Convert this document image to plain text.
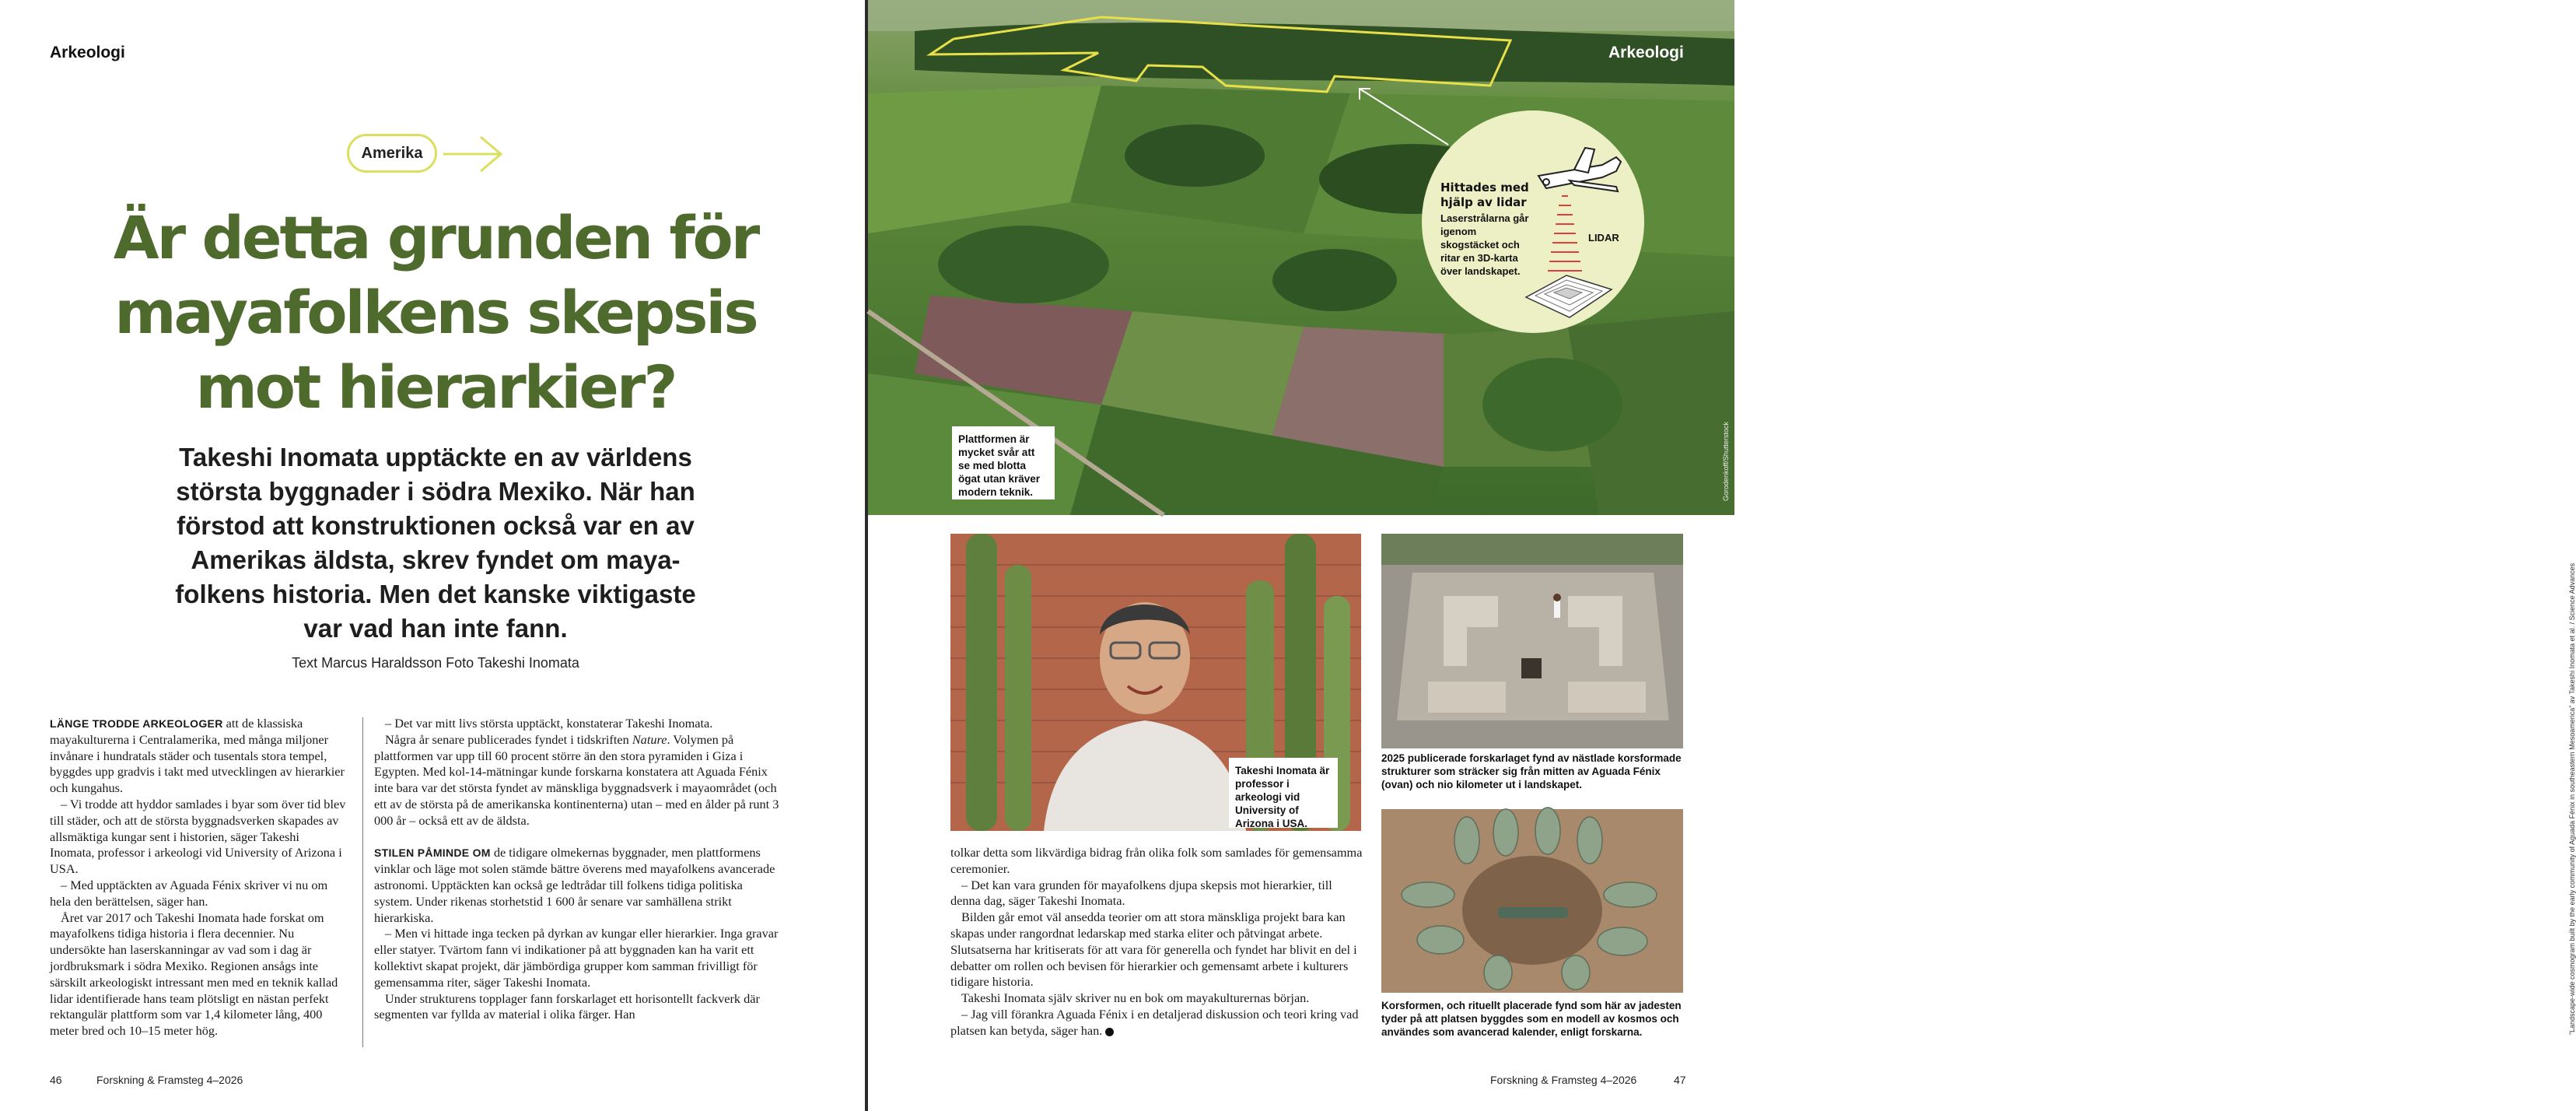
Arkeologi
Amerika
Är detta grunden för
mayafolkens skepsis
mot hierarkier?

Takeshi Inomata upptäckte en av världens
största byggnader i södra Mexiko. När han
förstod att konstruktionen också var en av
Amerikas äldsta, skrev fyndet om maya-
folkens historia. Men det kanske viktigaste
var vad han inte fann.

Text Marcus Haraldsson Foto Takeshi Inomata

LÄNGE TRODDE ARKEOLOGER att de klassiska mayakulturerna i Centralamerika, med många miljoner invånare i hundratals städer och tusentals stora tempel, byggdes upp gradvis i takt med utvecklingen av hierarkier och kungahus.

– Vi trodde att hyddor samlades i byar som över tid blev till städer, och att de största byggnadsverken skapades av allsmäktiga kungar sent i historien, säger Takeshi Inomata, professor i arkeologi vid University of Arizona i USA.

– Med upptäckten av Aguada Fénix skriver vi nu om hela den berättelsen, säger han.

Året var 2017 och Takeshi Inomata hade forskat om mayafolkens tidiga historia i flera decennier. Nu undersökte han laserskanningar av vad som i dag är jordbruksmark i södra Mexiko. Regionen ansågs inte särskilt arkeologiskt intressant men med en teknik kallad lidar identifierade hans team plötsligt en nästan perfekt rektangulär plattform som var 1,4 kilometer lång, 400 meter bred och 10–15 meter hög.

– Det var mitt livs största upptäckt, konstaterar Takeshi Inomata.

Några år senare publicerades fyndet i tidskriften Nature. Volymen på plattformen var upp till 60 procent större än den stora pyramiden i Giza i Egypten. Med kol-14-mätningar kunde forskarna konstatera att Aguada Fénix inte bara var det största fyndet av mänskliga byggnadsverk i mayaområdet (och ett av de största på de amerikanska kontinenterna) utan – med en ålder på runt 3 000 år – också ett av de äldsta.

STILEN PÅMINDE OM de tidigare olmekernas byggnader, men plattformens vinklar och läge mot solen stämde bättre överens med mayafolkens avancerade astronomi. Upptäckten kan också ge ledtrådar till folkens tidiga politiska system. Under rikenas storhetstid 1 600 år senare var samhällena strikt hierarkiska.

– Men vi hittade inga tecken på dyrkan av kungar eller hierarkier. Inga gravar eller statyer. Tvärtom fann vi indikationer på att byggnaden kan ha varit ett kollektivt skapat projekt, där jämbördiga grupper kom samman frivilligt för gemensamma riter, säger Takeshi Inomata.

Under strukturens topplager fann forskarlaget ett horisontellt fackverk där segmenten var fyllda av material i olika färger. Han

46	Forskning & Framsteg 4–2026
Arkeologi
Hittades med hjälp av lidar
Laserstrålarna går igenom skogstäcket och ritar en 3D-karta över landskapet.
LIDAR
Plattformen är mycket svår att se med blotta ögat utan kräver modern teknik.	Gorodenkoff/Shutterstock
Takeshi Inomata är professor i arkeologi vid University of Arizona i USA.
2025 publicerade forskarlaget fynd av nästlade korsformade strukturer som sträcker sig från mitten av Aguada Fénix (ovan) och nio kilometer ut i landskapet.
Korsformen, och rituellt placerade fynd som här av jadesten tyder på att platsen byggdes som en modell av kosmos och användes som avancerad kalender, enligt forskarna.	”Landscape-wide cosmogram built by the early community of Aguada Fénix in southeastern Mesoamerica” av Takeshi Inomata et al. / Science Advances

tolkar detta som likvärdiga bidrag från olika folk som samlades för gemensamma ceremonier.

– Det kan vara grunden för mayafolkens djupa skepsis mot hierarkier, till denna dag, säger Takeshi Inomata.

Bilden går emot väl ansedda teorier om att stora mänskliga projekt bara kan skapas under rangordnat ledarskap med starka eliter och påtvingat arbete. Slutsatserna har kritiserats för att vara för generella och fyndet har blivit en del i debatter om rollen och bevisen för hierarkier och gemensamt arbete i kulturers tidigare historia.

Takeshi Inomata själv skriver nu en bok om mayakulturernas början.

– Jag vill förankra Aguada Fénix i en detaljerad diskussion och teori kring vad platsen kan betyda, säger han.

Forskning & Framsteg 4–2026	47
